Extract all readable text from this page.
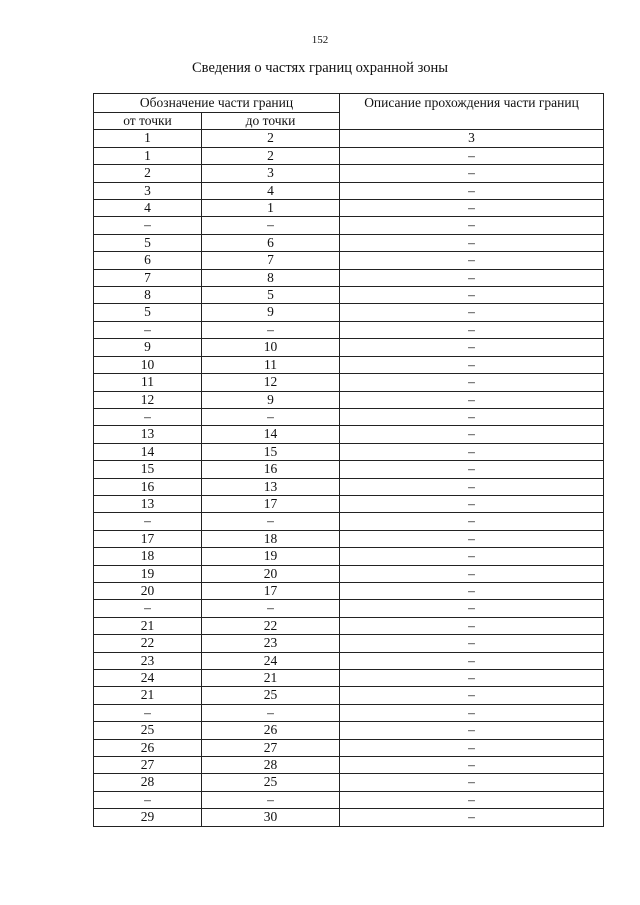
152
Сведения о частях границ охранной зоны
Обозначение части границ		Описание прохождения части границ
от точки	до точки	
1	2	3
1	2	–
2	3	–
3	4	–
4	1	–
–	–	–
5	6	–
6	7	–
7	8	–
8	5	–
5	9	–
–	–	–
9	10	–
10	11	–
11	12	–
12	9	–
–	–	–
13	14	–
14	15	–
15	16	–
16	13	–
13	17	–
–	–	–
17	18	–
18	19	–
19	20	–
20	17	–
–	–	–
21	22	–
22	23	–
23	24	–
24	21	–
21	25	–
–	–	–
25	26	–
26	27	–
27	28	–
28	25	–
–	–	–
29	30	–
